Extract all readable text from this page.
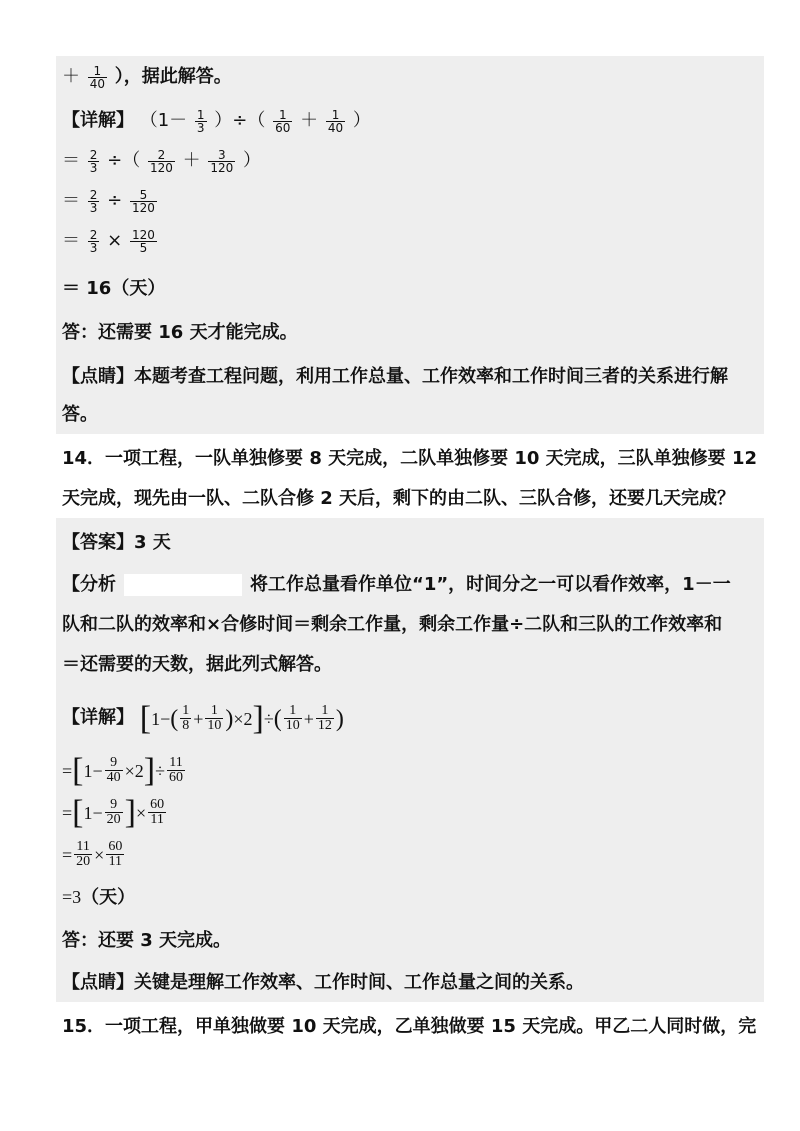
＋ $\frac{1}{40}$ ），据此解答。
【详解】 （$1- \frac{1}{3}$ ）÷（ $\frac{1}{60} + \frac{1}{40}$ ）
＝ $\frac{2}{3}$ ÷（ $\frac{2}{120} + \frac{3}{120}$ ）
＝ $\frac{2}{3} \div \frac{5}{120}$
＝ $\frac{2}{3} \times \frac{120}{5}$
＝ 16（天）
答：还需要 16 天才能完成。
【点睛】本题考查工程问题，利用工作总量、工作效率和工作时间三者的关系进行解
答。
14．一项工程，一队单独修要 8 天完成，二队单独修要 10 天完成，三队单独修要 12
天完成，现先由一队、二队合修 2 天后，剩下的由二队、三队合修，还要几天完成？
【答案】3 天
【分析	将工作总量看作单位“1”，时间分之一可以看作效率，1－一
队和二队的效率和×合修时间＝剩余工作量，剩余工作量÷二队和三队的工作效率和
＝还需要的天数，据此列式解答。
【详解】 $[1-( \frac{1}{8} + \frac{1}{10} )\times 2]\div( \frac{1}{10} + \frac{1}{12}$ )
$=[1- \frac{9}{40} \times 2]\div \frac{11}{60}$
$=[1- \frac{9}{20}$ ]× $\frac{60}{11}$
= $\frac{11}{20} \times \frac{60}{11}$
=3（天）
答：还要 3 天完成。
【点睛】关键是理解工作效率、工作时间、工作总量之间的关系。
15．一项工程，甲单独做要 10 天完成，乙单独做要 15 天完成。甲乙二人同时做，完
